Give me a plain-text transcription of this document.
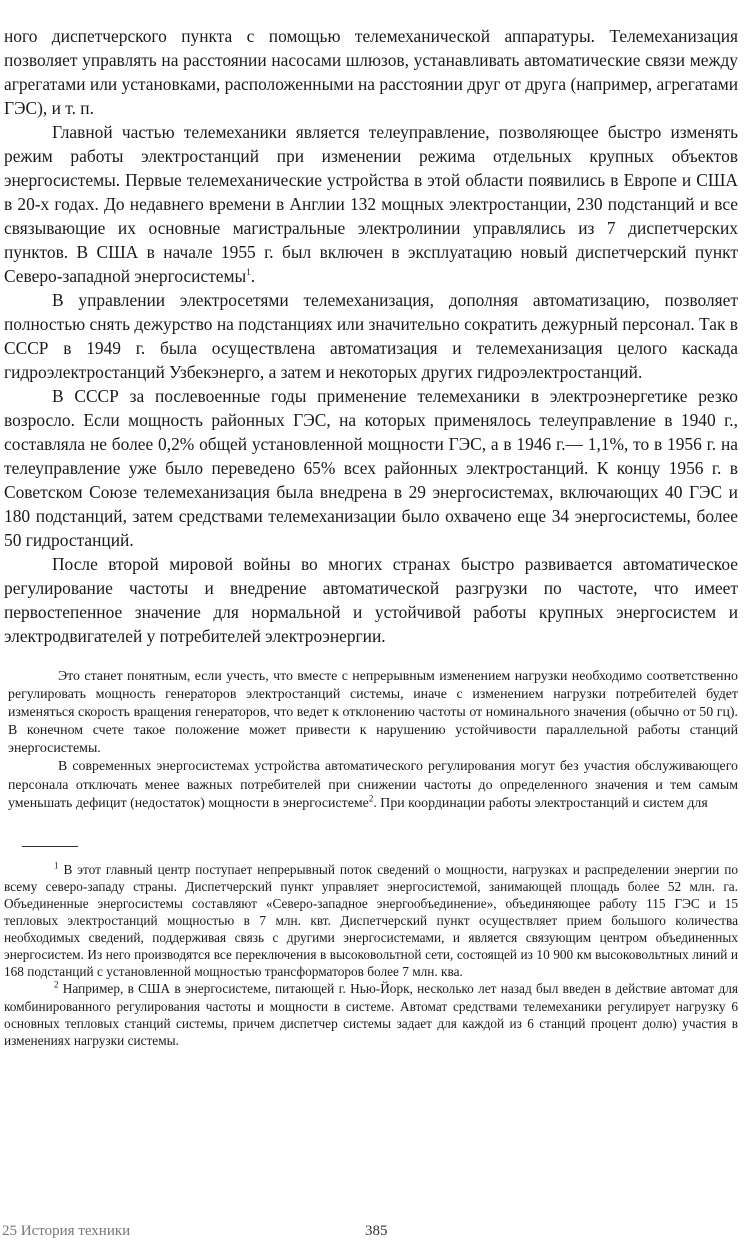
ного диспетчерского пункта с помощью телемеханической аппаратуры. Телемеханизация позволяет управлять на расстоянии насосами шлюзов, устанавливать автоматические связи между агрегатами или установками, расположенными на расстоянии друг от друга (например, агрегатами ГЭС), и т. п.

Главной частью телемеханики является телеуправление, позволяющее быстро изменять режим работы электростанций при изменении режима отдельных крупных объектов энергосистемы. Первые телемеханические устройства в этой области появились в Европе и США в 20-х годах. До недавнего времени в Англии 132 мощных электростанции, 230 подстанций и все связывающие их основные магистральные электролинии управлялись из 7 диспетчерских пунктов. В США в начале 1955 г. был включен в эксплуатацию новый диспетчерский пункт Северо-западной энергосистемы$^1$.

В управлении электросетями телемеханизация, дополняя автоматизацию, позволяет полностью снять дежурство на подстанциях или значительно сократить дежурный персонал. Так в СССР в 1949 г. была осуществлена автоматизация и телемеханизация целого каскада гидроэлектростанций Узбекэнерго, а затем и некоторых других гидроэлектростанций.

В СССР за послевоенные годы применение телемеханики в электроэнергетике резко возросло. Если мощность районных ГЭС, на которых применялось телеуправление в 1940 г., составляла не более 0,2% общей установленной мощности ГЭС, а в 1946 г.— 1,1%, то в 1956 г. на телеуправление уже было переведено 65% всех районных электростанций. К концу 1956 г. в Советском Союзе телемеханизация была внедрена в 29 энергосистемах, включающих 40 ГЭС и 180 подстанций, затем средствами телемеханизации было охвачено еще 34 энергосистемы, более 50 гидростанций.

После второй мировой войны во многих странах быстро развивается автоматическое регулирование частоты и внедрение автоматической разгрузки по частоте, что имеет первостепенное значение для нормальной и устойчивой работы крупных энергосистем и электродвигателей у потребителей электроэнергии.

Это станет понятным, если учесть, что вместе с непрерывным изменением нагрузки необходимо соответственно регулировать мощность генераторов электростанций системы, иначе с изменением нагрузки потребителей будет изменяться скорость вращения генераторов, что ведет к отклонению частоты от номинального значения (обычно от 50 гц). В конечном счете такое положение может привести к нарушению устойчивости параллельной работы станций энергосистемы.

В современных энергосистемах устройства автоматического регулирования могут без участия обслуживающего персонала отключать менее важных потребителей при снижении частоты до определенного значения и тем самым уменьшать дефицит (недостаток) мощности в энергосистеме$^2$. При координации работы электростанций и систем для

$^1$ В этот главный центр поступает непрерывный поток сведений о мощности, нагрузках и распределении энергии по всему северо-западу страны. Диспетчерский пункт управляет энергосистемой, занимающей площадь более 52 млн. га. Объединенные энергосистемы составляют «Северо-западное энергообъединение», объединяющее работу 115 ГЭС и 15 тепловых электростанций мощностью в 7 млн. квт. Диспетчерский пункт осуществляет прием большого количества необходимых сведений, поддерживая связь с другими энергосистемами, и является связующим центром объединенных энергосистем. Из него производятся все переключения в высоковольтной сети, состоящей из 10 900 км высоковольтных линий и 168 подстанций с установленной мощностью трансформаторов более 7 млн. ква.

$^2$ Например, в США в энергосистеме, питающей г. Нью-Йорк, несколько лет назад был введен в действие автомат для комбинированного регулирования частоты и мощности в системе. Автомат средствами телемеханики регулирует нагрузку 6 основных тепловых станций системы, причем диспетчер системы задает для каждой из 6 станций процент долю) участия в изменениях нагрузки системы.

25 История техники	385
